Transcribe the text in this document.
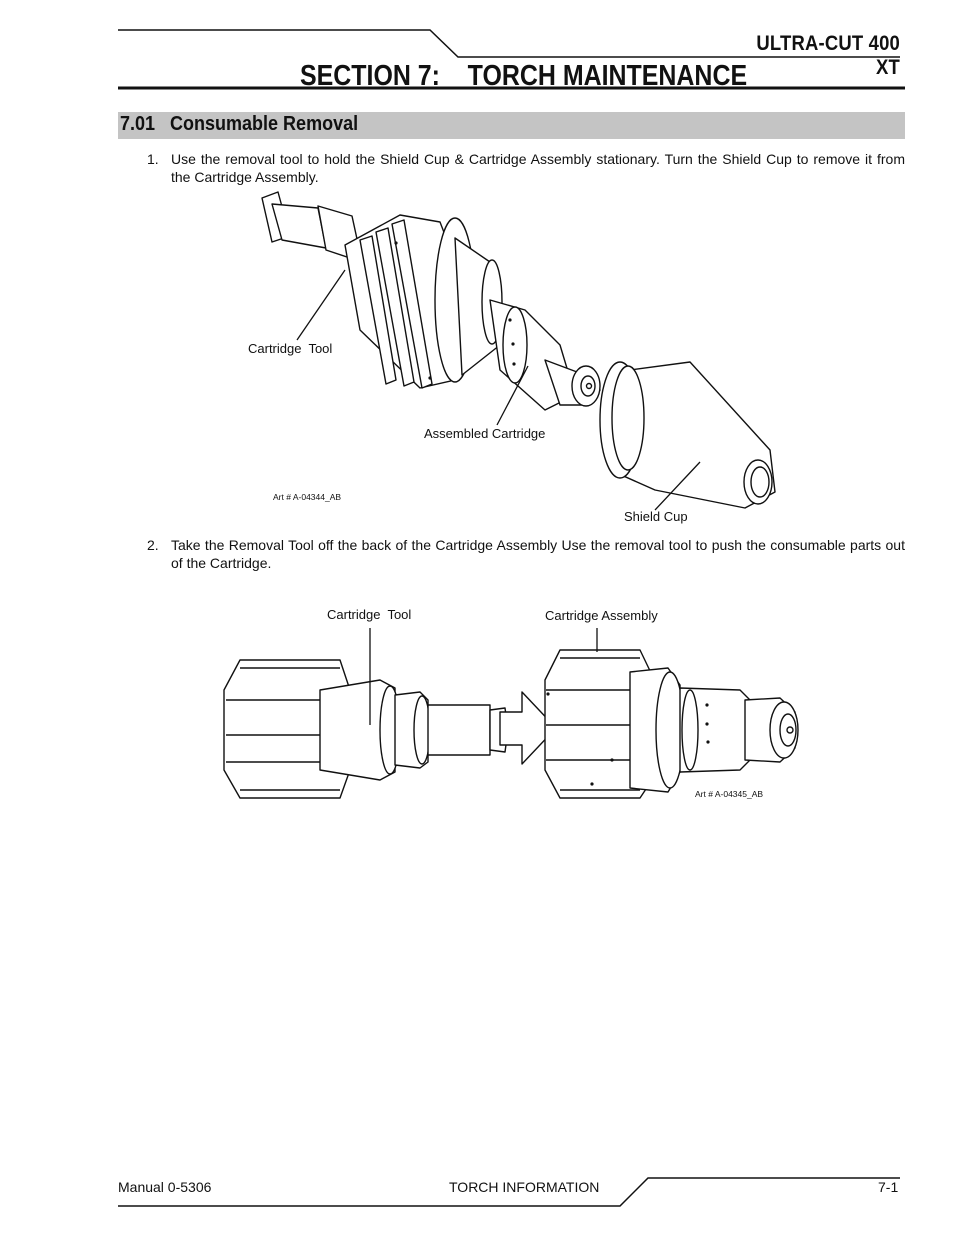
ULTRA-CUT 400 XT
SECTION 7:    TORCH MAINTENANCE
7.01   Consumable Removal
1. Use the removal tool to hold the Shield Cup & Cartridge Assembly stationary. Turn the Shield Cup to remove it from the Cartridge Assembly.
Cartridge  Tool
Assembled Cartridge
Shield Cup
Art # A-04344_AB
2. Take the Removal Tool off the back of the Cartridge Assembly Use the removal tool to push the consumable parts out of the Cartridge.
Cartridge  Tool	Cartridge Assembly
Art # A-04345_AB
Manual 0-5306	TORCH INFORMATION	7-1
